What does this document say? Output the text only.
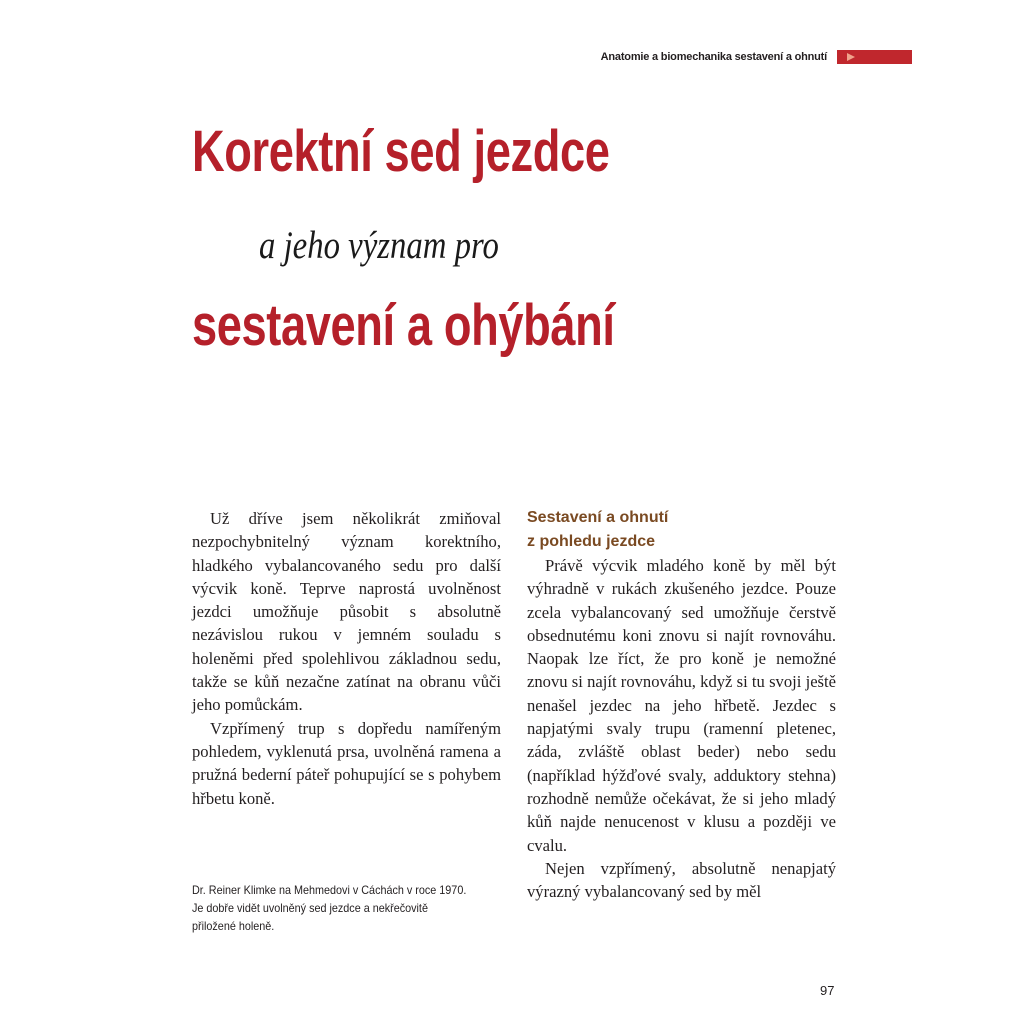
Anatomie a biomechanika sestavení a ohnutí
Korektní sed jezdce
a jeho význam pro
sestavení a ohýbání

Už dříve jsem několikrát zmiňoval nezpochybnitelný význam korektního, hladkého vybalancovaného sedu pro další výcvik koně. Teprve naprostá uvolněnost jezdci umožňuje působit s absolutně nezávislou rukou v jemném souladu s holeněmi před spolehlivou základnou sedu, takže se kůň nezačne zatínat na obranu vůči jeho pomůckám.

Vzpřímený trup s dopředu namířeným pohledem, vyklenutá prsa, uvolněná ramena a pružná bederní páteř pohupující se s pohybem hřbetu koně.

Dr. Reiner Klimke na Mehmedovi v Cáchách v roce 1970.
Je dobře vidět uvolněný sed jezdce a nekřečovitě
přiložené holeně.

Sestavení a ohnutí
z pohledu jezdce

Právě výcvik mladého koně by měl být výhradně v rukách zkušeného jezdce. Pouze zcela vybalancovaný sed umožňuje čerstvě obsednutému koni znovu si najít rovnováhu. Naopak lze říct, že pro koně je nemožné znovu si najít rovnováhu, když si tu svoji ještě nenašel jezdec na jeho hřbetě. Jezdec s napjatými svaly trupu (ramenní pletenec, záda, zvláště oblast beder) nebo sedu (například hýžďové svaly, adduktory stehna) rozhodně nemůže očekávat, že si jeho mladý kůň najde nenucenost v klusu a později ve cvalu.

Nejen vzpřímený, absolutně nenapjatý výrazný vybalancovaný sed by měl

97
